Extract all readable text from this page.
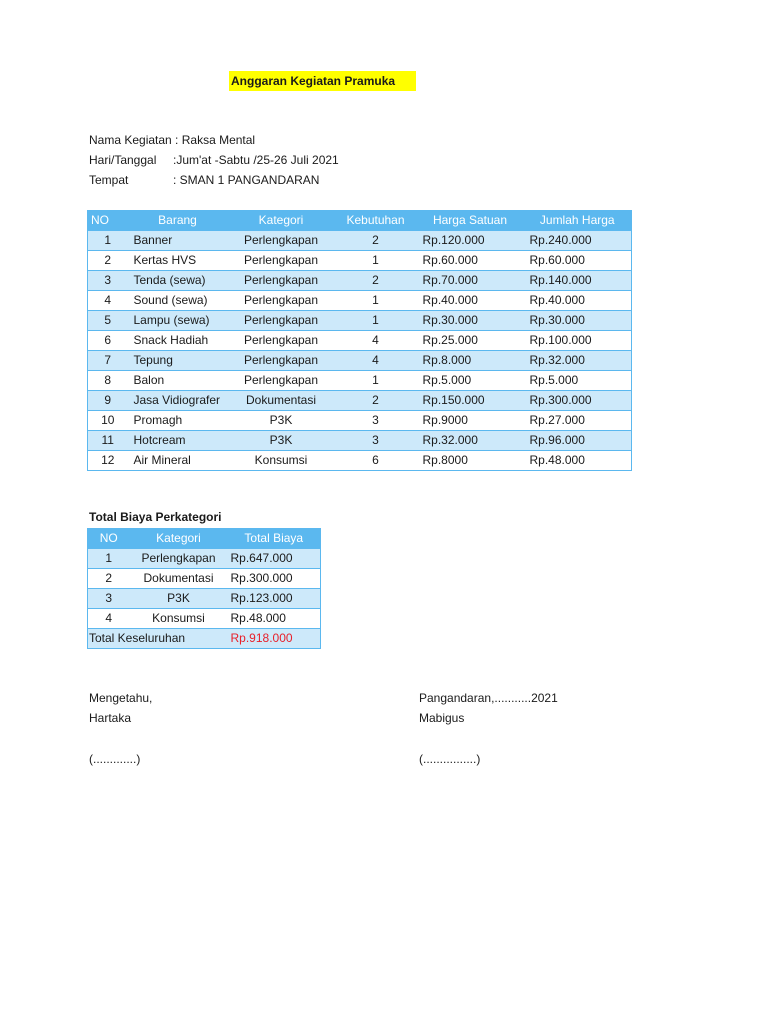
Anggaran Kegiatan Pramuka
Nama Kegiatan : Raksa Mental
Hari/Tanggal :Jum'at -Sabtu /25-26 Juli 2021
Tempat	: SMAN 1 PANGANDARAN
NO	Barang	Kategori	Kebutuhan	Harga Satuan	Jumlah Harga
1	Banner	Perlengkapan	2	Rp.120.000	Rp.240.000
2	Kertas HVS	Perlengkapan	1	Rp.60.000	Rp.60.000
3	Tenda (sewa)	Perlengkapan	2	Rp.70.000	Rp.140.000
4	Sound (sewa)	Perlengkapan	1	Rp.40.000	Rp.40.000
5	Lampu (sewa)	Perlengkapan	1	Rp.30.000	Rp.30.000
6	Snack Hadiah	Perlengkapan	4	Rp.25.000	Rp.100.000
7	Tepung	Perlengkapan	4	Rp.8.000	Rp.32.000
8	Balon	Perlengkapan	1	Rp.5.000	Rp.5.000
9	Jasa Vidiografer	Dokumentasi	2	Rp.150.000	Rp.300.000
10	Promagh	P3K	3	Rp.9000	Rp.27.000
11	Hotcream	P3K	3	Rp.32.000	Rp.96.000
12	Air Mineral	Konsumsi	6	Rp.8000	Rp.48.000
Total Biaya Perkategori
NO	Kategori	Total Biaya
1	Perlengkapan	Rp.647.000
2	Dokumentasi	Rp.300.000
3	P3K	Rp.123.000
4	Konsumsi	Rp.48.000
Total Keseluruhan		Rp.918.000
Mengetahu,
Hartaka
(.............)
Pangandaran,...........2021
Mabigus
(................)
